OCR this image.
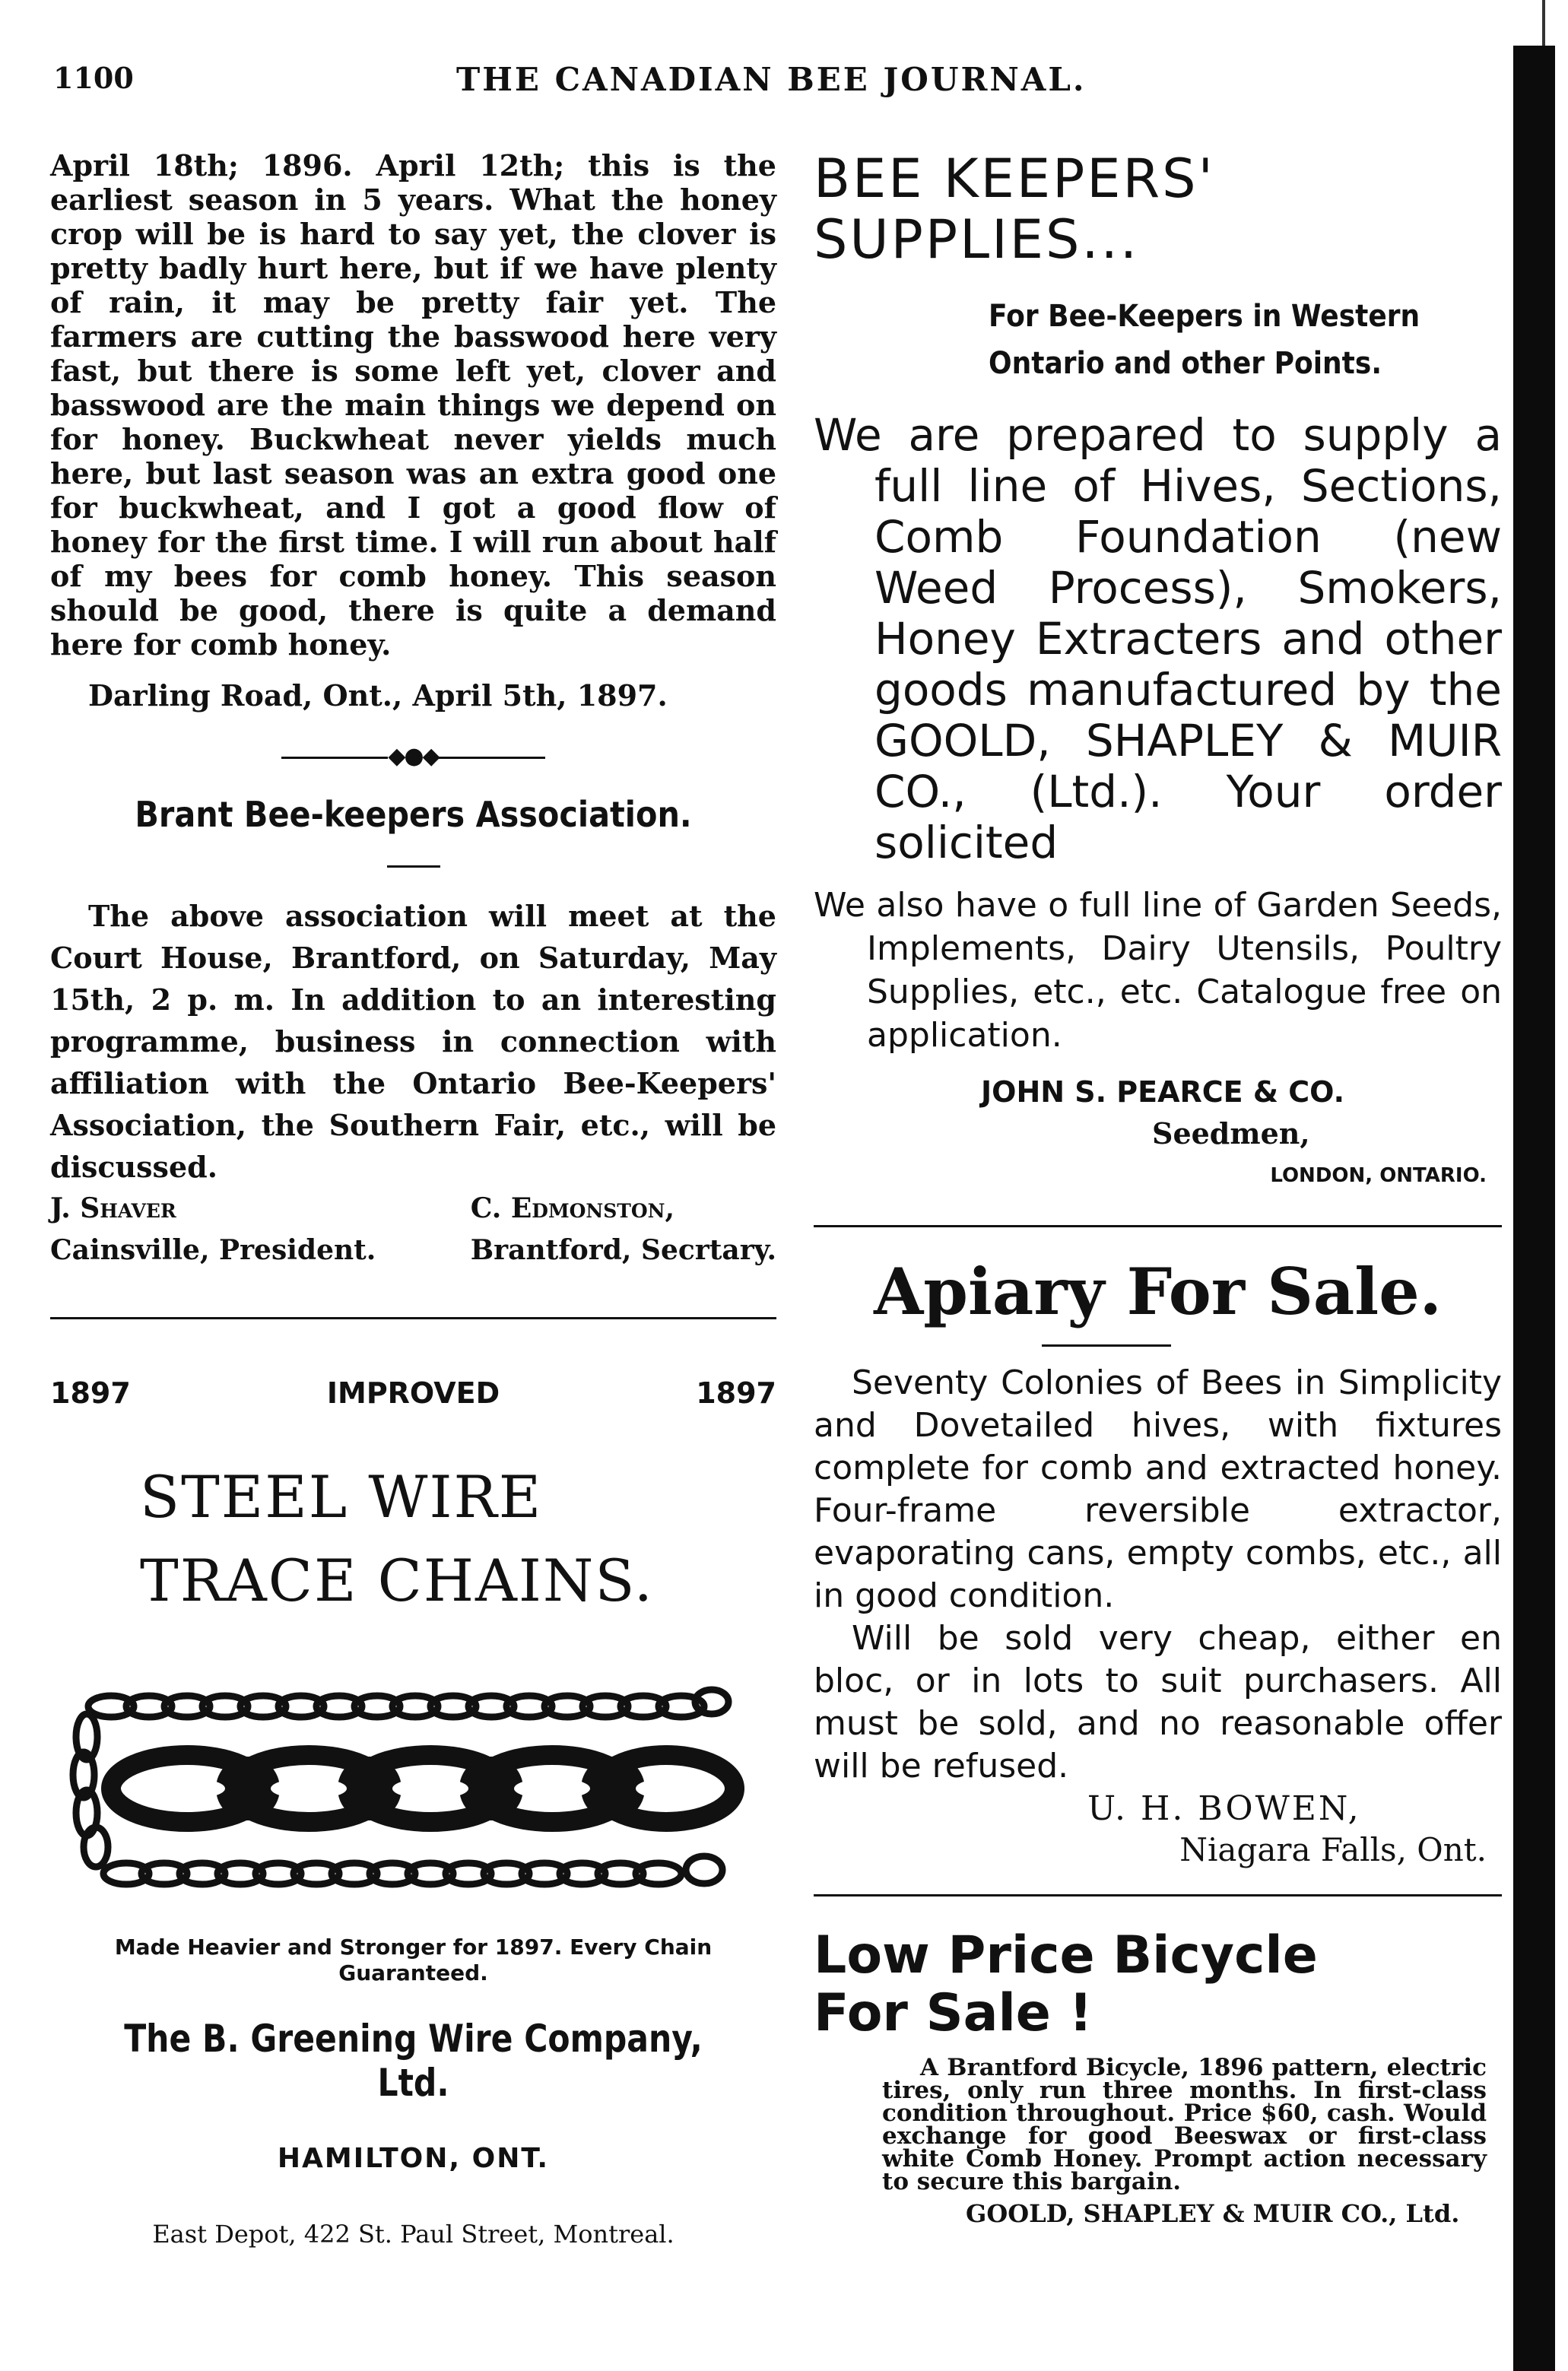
1100	THE CANADIAN BEE JOURNAL.

April 18th; 1896. April 12th; this is the earliest season in 5 years. What the honey crop will be is hard to say yet, the clover is pretty badly hurt here, but if we have plenty of rain, it may be pretty fair yet. The farmers are cutting the basswood here very fast, but there is some left yet, clover and basswood are the main things we depend on for honey. Buckwheat never yields much here, but last season was an extra good one for buckwheat, and I got a good flow of honey for the first time. I will run about half of my bees for comb honey. This season should be good, there is quite a demand here for comb honey.

Darling Road, Ont., April 5th, 1897.

◆●◆
Brant Bee-keepers Association.

The above association will meet at the Court House, Brantford, on Saturday, May 15th, 2 p. m. In addition to an interesting programme, business in connection with affiliation with the Ontario Bee-Keepers' Association, the Southern Fair, etc., will be discussed.

J. Shaver
Cainsville, President.
C. Edmonston,
Brantford, Secrtary.
1897	IMPROVED	1897
STEEL WIRE
TRACE CHAINS.

Made Heavier and Stronger for 1897. Every Chain Guaranteed.

The B. Greening Wire Company, Ltd.
HAMILTON, ONT.
East Depot, 422 St. Paul Street, Montreal.
BEE KEEPERS'
SUPPLIES...
For Bee-Keepers in Western
Ontario and other Points.

We are prepared to supply a full line of Hives, Sections, Comb Foundation (new Weed Process), Smokers, Honey Extracters and other goods manufactured by the GOOLD, SHAPLEY & MUIR CO., (Ltd.). Your order solicited

We also have o full line of Garden Seeds, Implements, Dairy Utensils, Poultry Supplies, etc., etc. Catalogue free on application.

JOHN S. PEARCE & CO.
Seedmen,
LONDON, ONTARIO.
Apiary For Sale.

Seventy Colonies of Bees in Simplicity and Dovetailed hives, with fixtures complete for comb and extracted honey. Four-frame reversible extractor, evaporating cans, empty combs, etc., all in good condition.

Will be sold very cheap, either en bloc, or in lots to suit purchasers. All must be sold, and no reasonable offer will be refused.

U. H. BOWEN,
Niagara Falls, Ont.
Low Price Bicycle
For Sale !

A Brantford Bicycle, 1896 pattern, electric tires, only run three months. In first-class condition throughout. Price $60, cash. Would exchange for good Beeswax or first-class white Comb Honey. Prompt action necessary to secure this bargain.

GOOLD, SHAPLEY & MUIR CO., Ltd.
